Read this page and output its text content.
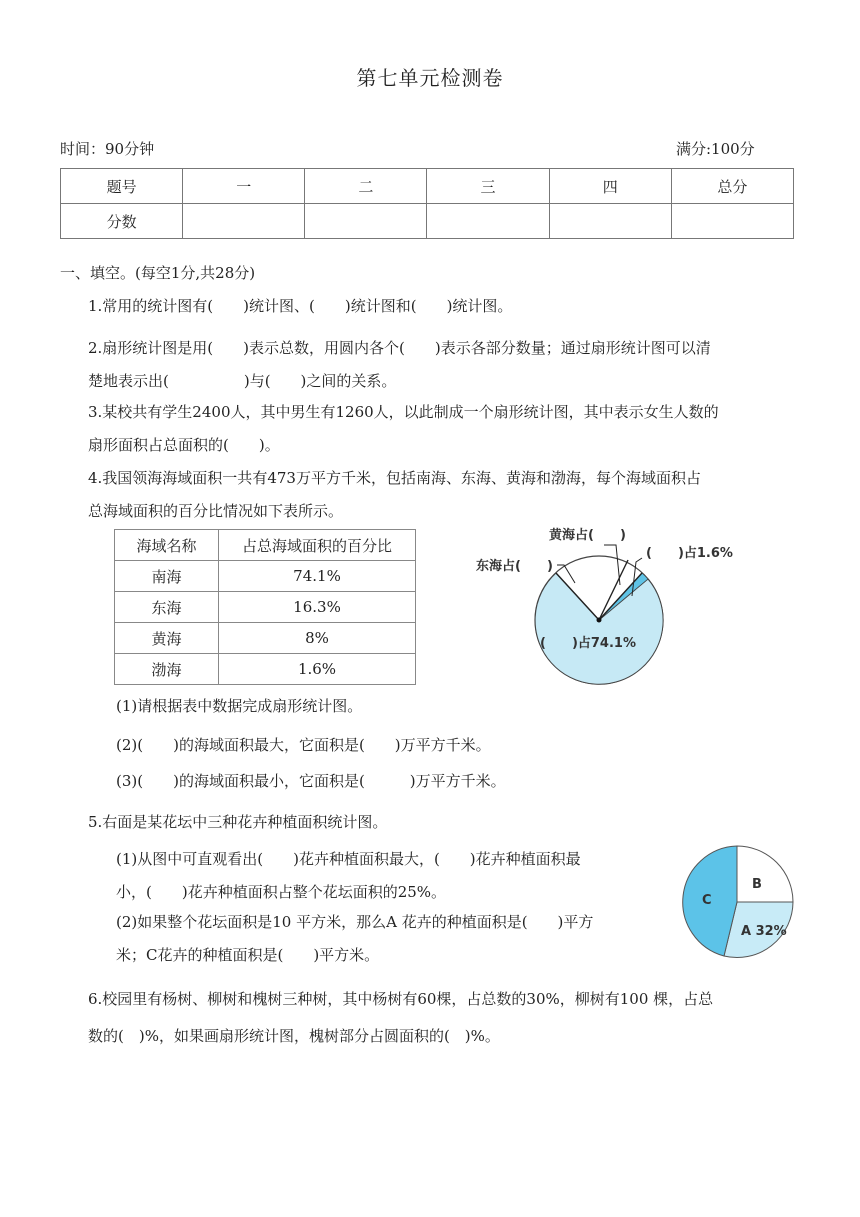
第七单元检测卷
时间：90分钟	满分:100分
题号	一	二	三	四	总分
分数					
一、填空。(每空1分,共28分)
1.常用的统计图有(　　)统计图、(　　)统计图和(　　)统计图。
2.扇形统计图是用(　　)表示总数，用圆内各个(　　)表示各部分数量；通过扇形统计图可以清
楚地表示出(　　　　　)与(　　)之间的关系。
3.某校共有学生2400人，其中男生有1260人，以此制成一个扇形统计图，其中表示女生人数的
扇形面积占总面积的(　　)。
4.我国领海海域面积一共有473万平方千米，包括南海、东海、黄海和渤海，每个海域面积占
总海域面积的百分比情况如下表所示。
海域名称	占总海域面积的百分比
南海	74.1%
东海	16.3%
黄海	8%
渤海	1.6%
黄海占(　　)
(　　)占1.6%
东海占(　　)
(　　)占74.1%
(1)请根据表中数据完成扇形统计图。
(2)(　　)的海域面积最大，它面积是(　　)万平方千米。
(3)(　　)的海域面积最小，它面积是(　　　)万平方千米。
5.右面是某花坛中三种花卉种植面积统计图。
(1)从图中可直观看出(　　)花卉种植面积最大，(　　)花卉种植面积最
小，(　　)花卉种植面积占整个花坛面积的25%。
(2)如果整个花坛面积是10 平方米，那么A 花卉的种植面积是(　　)平方
米；C花卉的种植面积是(　　)平方米。
B
A 32%
C
6.校园里有杨树、柳树和槐树三种树，其中杨树有60棵，占总数的30%，柳树有100 棵，占总
数的(　)%，如果画扇形统计图，槐树部分占圆面积的(　)%。
